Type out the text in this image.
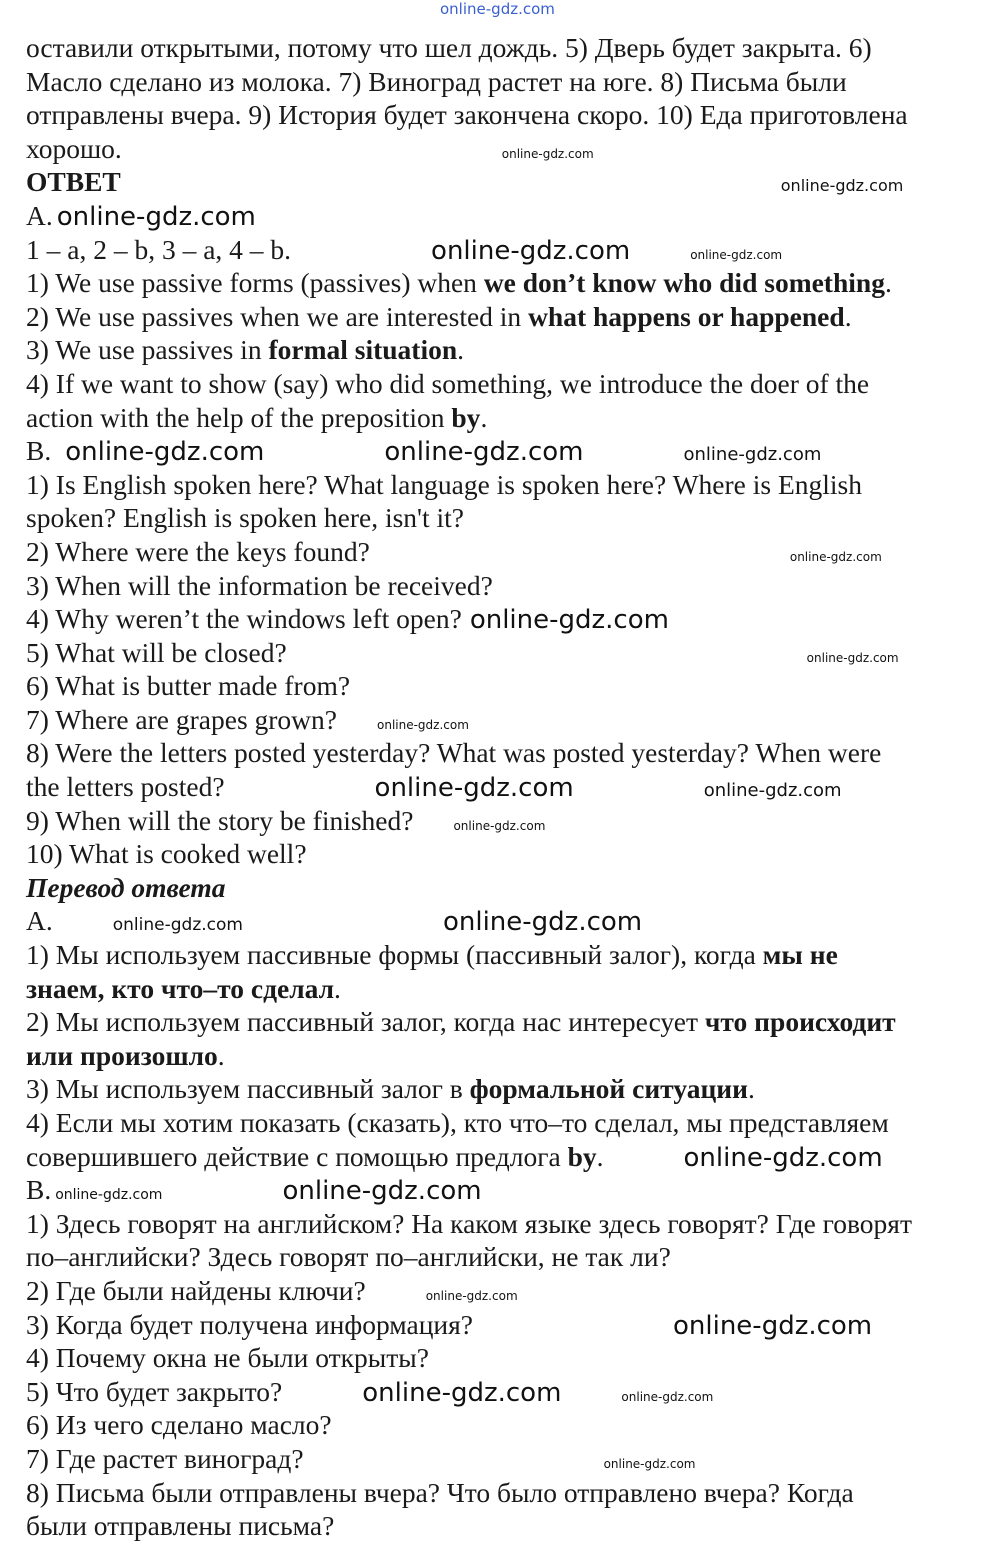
online-gdz.com
оставили открытыми, потому что шел дождь. 5) Дверь будет закрыта. 6)
Масло сделано из молока. 7) Виноград растет на юге. 8) Письма были
отправлены вчера. 9) История будет закончена скоро. 10) Еда приготовлена
хорошо.	online-gdz.com
ОТВЕТ	online-gdz.com
A. online-gdz.com
1 – a, 2 – b, 3 – a, 4 – b.	online-gdz.com	online-gdz.com
1) We use passive forms (passives) when we don’t know who did something.
2) We use passives when we are interested in what happens or happened.
3) We use passives in formal situation.
4) If we want to show (say) who did something, we introduce the doer of the
action with the help of the preposition by.
B. online-gdz.com	online-gdz.com	online-gdz.com
1) Is English spoken here? What language is spoken here? Where is English
spoken? English is spoken here, isn't it?
2) Where were the keys found?	online-gdz.com
3) When will the information be received?
4) Why weren’t the windows left open? online-gdz.com
5) What will be closed?	online-gdz.com
6) What is butter made from?
7) Where are grapes grown?	online-gdz.com
8) Were the letters posted yesterday? What was posted yesterday? When were
the letters posted?	online-gdz.com	online-gdz.com
9) When will the story be finished?	online-gdz.com
10) What is cooked well?
Перевод ответа
A.	online-gdz.com	online-gdz.com
1) Мы используем пассивные формы (пассивный залог), когда мы не
знаем, кто что–то сделал.
2) Мы используем пассивный залог, когда нас интересует что происходит
или произошло.
3) Мы используем пассивный залог в формальной ситуации.
4) Если мы хотим показать (сказать), кто что–то сделал, мы представляем
совершившего действие с помощью предлога by.	online-gdz.com
B. online-gdz.com	online-gdz.com
1) Здесь говорят на английском? На каком языке здесь говорят? Где говорят
по–английски? Здесь говорят по–английски, не так ли?
2) Где были найдены ключи?	online-gdz.com
3) Когда будет получена информация?	online-gdz.com
4) Почему окна не были открыты?
5) Что будет закрыто?	online-gdz.com	online-gdz.com
6) Из чего сделано масло?
7) Где растет виноград?	online-gdz.com
8) Письма были отправлены вчера? Что было отправлено вчера? Когда
были отправлены письма?
